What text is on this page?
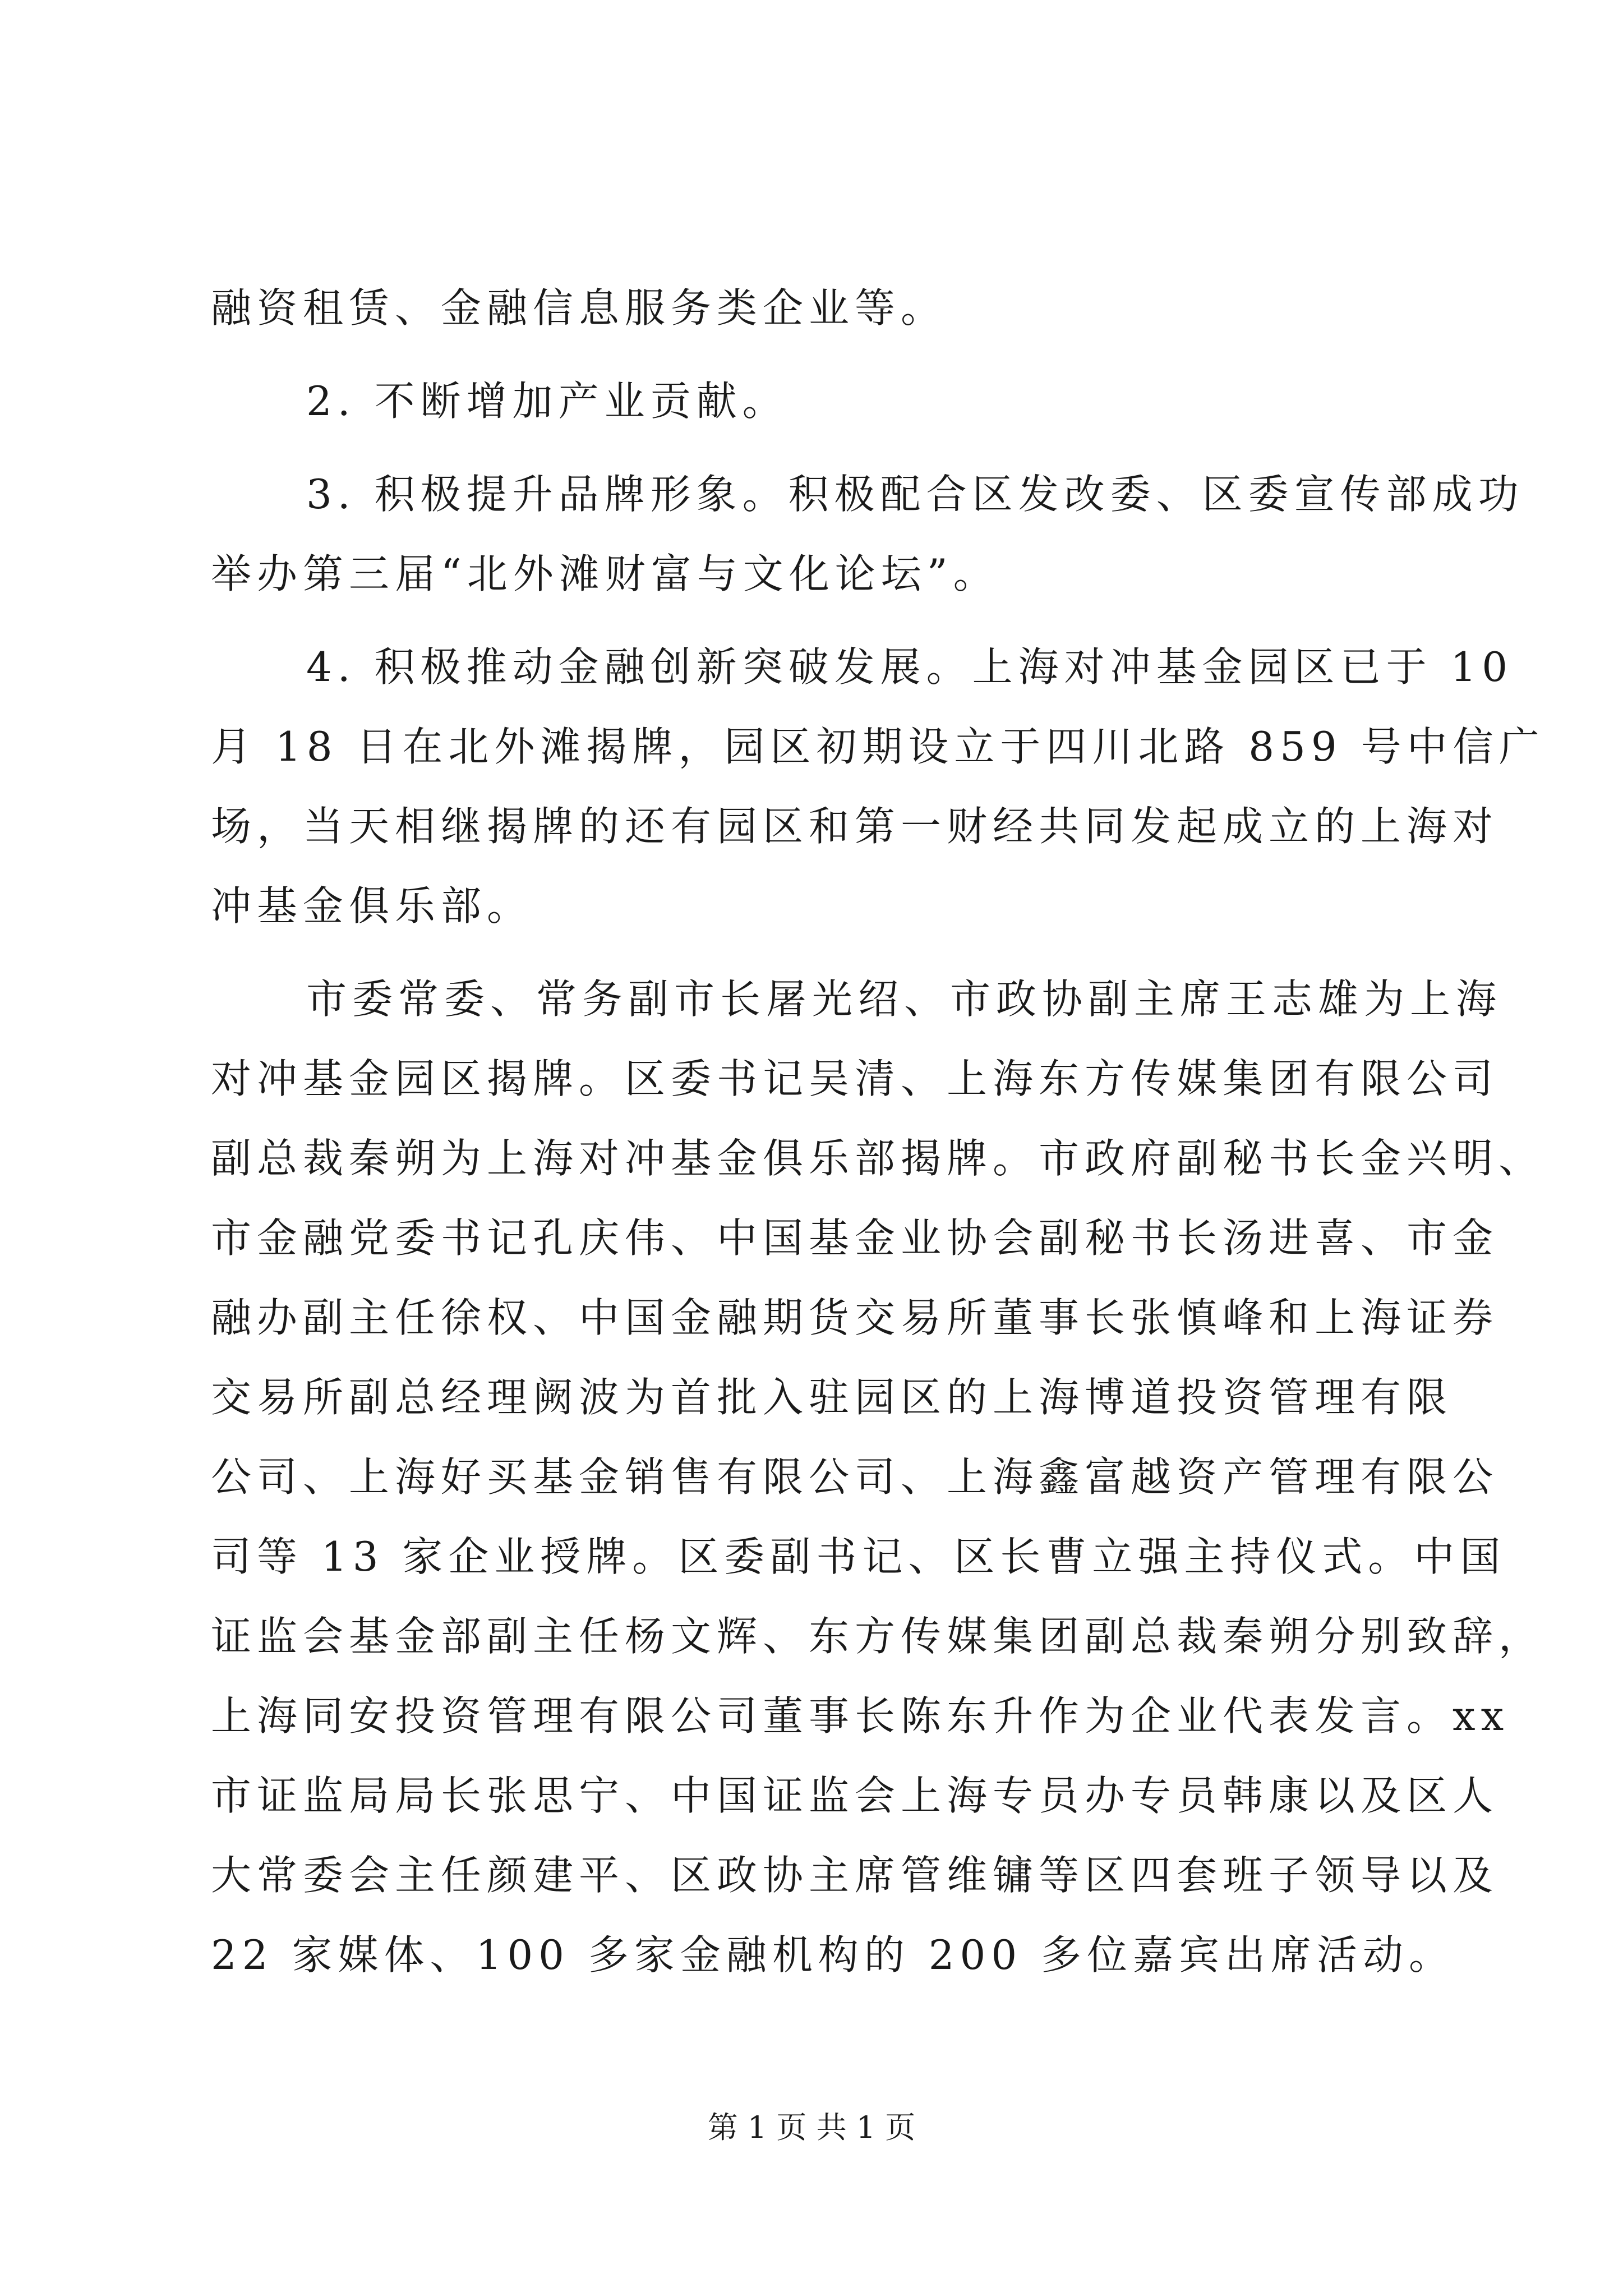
融资租赁、金融信息服务类企业等。
2. 不断增加产业贡献。
3. 积极提升品牌形象。积极配合区发改委、区委宣传部成功
举办第三届“北外滩财富与文化论坛”。
4. 积极推动金融创新突破发展。上海对冲基金园区已于 10
月 18 日在北外滩揭牌，园区初期设立于四川北路 859 号中信广
场，当天相继揭牌的还有园区和第一财经共同发起成立的上海对
冲基金俱乐部。
市委常委、常务副市长屠光绍、市政协副主席王志雄为上海
对冲基金园区揭牌。区委书记吴清、上海东方传媒集团有限公司
副总裁秦朔为上海对冲基金俱乐部揭牌。市政府副秘书长金兴明、
市金融党委书记孔庆伟、中国基金业协会副秘书长汤进喜、市金
融办副主任徐权、中国金融期货交易所董事长张慎峰和上海证券
交易所副总经理阙波为首批入驻园区的上海博道投资管理有限
公司、上海好买基金销售有限公司、上海鑫富越资产管理有限公
司等 13 家企业授牌。区委副书记、区长曹立强主持仪式。中国
证监会基金部副主任杨文辉、东方传媒集团副总裁秦朔分别致辞，
上海同安投资管理有限公司董事长陈东升作为企业代表发言。xx
市证监局局长张思宁、中国证监会上海专员办专员韩康以及区人
大常委会主任颜建平、区政协主席管维镛等区四套班子领导以及
22 家媒体、100 多家金融机构的 200 多位嘉宾出席活动。
第 1 页 共 1 页
